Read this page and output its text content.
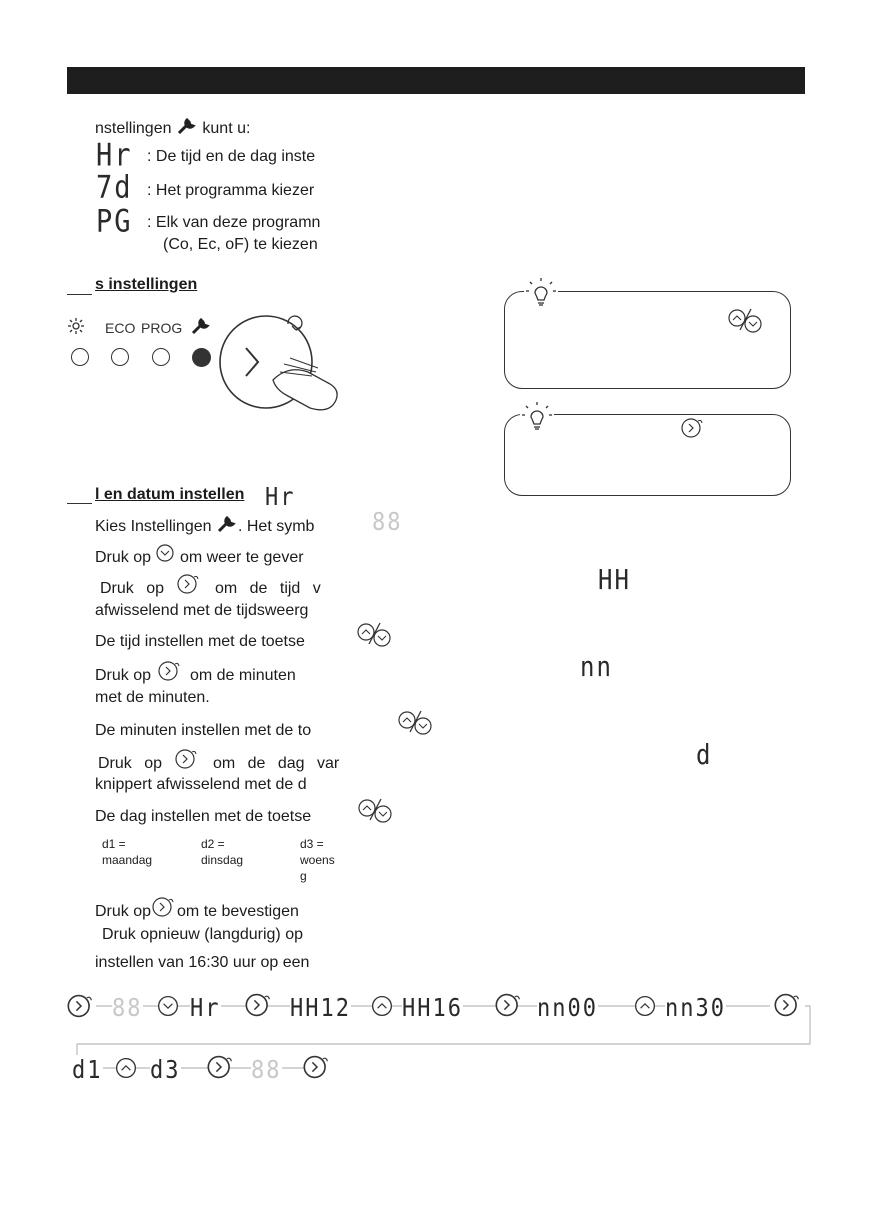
nstellingen kunt u:
Hr : De tijd en de dag inste
7d : Het programma kiezer
PG : Elk van deze programn
(Co, Ec, oF) te kiezen
s instellingen
ECO PROG
l en datum instellen Hr
Kies Instellingen . Het symb	88
Druk op om weer te gever
Druk op	om de tijd v	HH
afwisselend met de tijdsweerg
De tijd instellen met de toetse
Druk op om de minuten	nn
met de minuten.
De minuten instellen met de to
Druk op	om de dag var	d
knippert afwisselend met de d
De dag instellen met de toetse
d1 =
maandag
d2 =
dinsdag
d3 =
woens
g
Druk op om te bevestigen
Druk opnieuw (langdurig) op
instellen van 16:30 uur op een
88 Hr	HH12 HH16	nn00	nn30
d1 d3	88
